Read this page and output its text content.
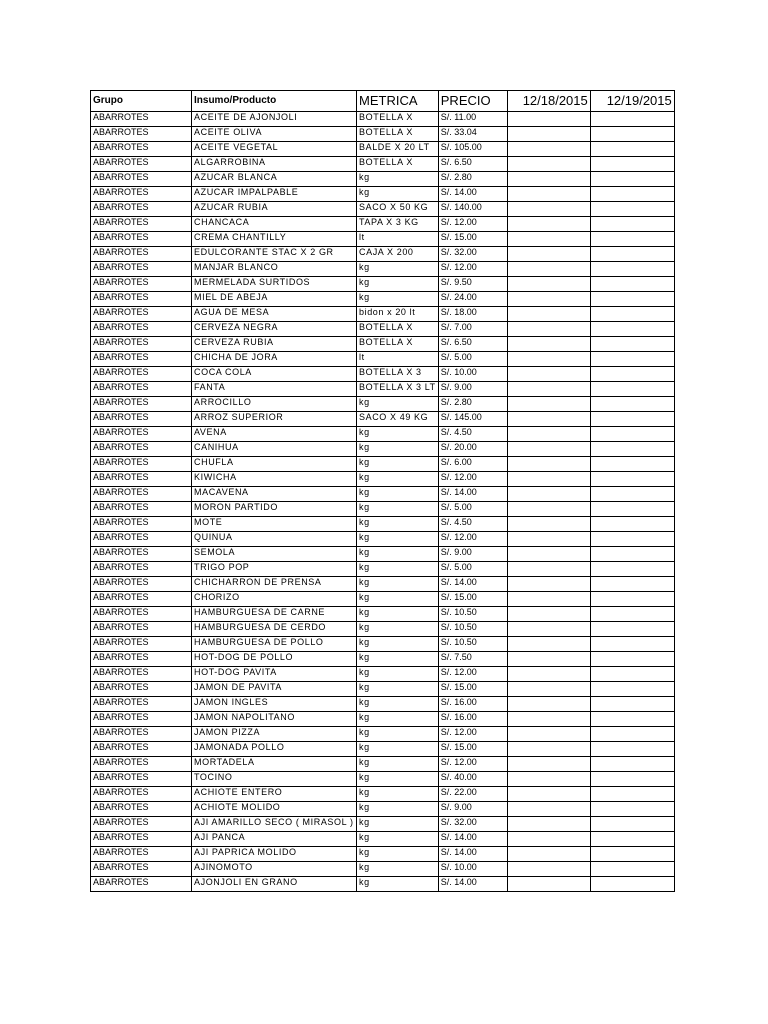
Grupo	Insumo/Producto	METRICA	PRECIO	12/18/2015	12/19/2015
ABARROTES	ACEITE DE AJONJOLI	BOTELLA X	S/. 11.00		
ABARROTES	ACEITE OLIVA	BOTELLA X	S/. 33.04		
ABARROTES	ACEITE VEGETAL	BALDE X 20 LT	S/. 105.00		
ABARROTES	ALGARROBINA	BOTELLA X	S/. 6.50		
ABARROTES	AZUCAR BLANCA	kg	S/. 2.80		
ABARROTES	AZUCAR IMPALPABLE	kg	S/. 14.00		
ABARROTES	AZUCAR RUBIA	SACO X 50 KG	S/. 140.00		
ABARROTES	CHANCACA	TAPA X 3 KG	S/. 12.00		
ABARROTES	CREMA CHANTILLY	lt	S/. 15.00		
ABARROTES	EDULCORANTE STAC X 2 GR	CAJA X 200	S/. 32.00		
ABARROTES	MANJAR BLANCO	kg	S/. 12.00		
ABARROTES	MERMELADA SURTIDOS	kg	S/. 9.50		
ABARROTES	MIEL DE ABEJA	kg	S/. 24.00		
ABARROTES	AGUA DE MESA	bidon x 20 lt	S/. 18.00		
ABARROTES	CERVEZA NEGRA	BOTELLA X	S/. 7.00		
ABARROTES	CERVEZA RUBIA	BOTELLA X	S/. 6.50		
ABARROTES	CHICHA DE JORA	lt	S/. 5.00		
ABARROTES	COCA COLA	BOTELLA X 3	S/. 10.00		
ABARROTES	FANTA	BOTELLA X 3 LT	S/. 9.00		
ABARROTES	ARROCILLO	kg	S/. 2.80		
ABARROTES	ARROZ SUPERIOR	SACO X 49 KG	S/. 145.00		
ABARROTES	AVENA	kg	S/. 4.50		
ABARROTES	CANIHUA	kg	S/. 20.00		
ABARROTES	CHUFLA	kg	S/. 6.00		
ABARROTES	KIWICHA	kg	S/. 12.00		
ABARROTES	MACAVENA	kg	S/. 14.00		
ABARROTES	MORON PARTIDO	kg	S/. 5.00		
ABARROTES	MOTE	kg	S/. 4.50		
ABARROTES	QUINUA	kg	S/. 12.00		
ABARROTES	SEMOLA	kg	S/. 9.00		
ABARROTES	TRIGO POP	kg	S/. 5.00		
ABARROTES	CHICHARRON DE PRENSA	kg	S/. 14.00		
ABARROTES	CHORIZO	kg	S/. 15.00		
ABARROTES	HAMBURGUESA DE CARNE	kg	S/. 10.50		
ABARROTES	HAMBURGUESA DE CERDO	kg	S/. 10.50		
ABARROTES	HAMBURGUESA DE POLLO	kg	S/. 10.50		
ABARROTES	HOT-DOG DE POLLO	kg	S/. 7.50		
ABARROTES	HOT-DOG PAVITA	kg	S/. 12.00		
ABARROTES	JAMON DE PAVITA	kg	S/. 15.00		
ABARROTES	JAMON INGLES	kg	S/. 16.00		
ABARROTES	JAMON NAPOLITANO	kg	S/. 16.00		
ABARROTES	JAMON PIZZA	kg	S/. 12.00		
ABARROTES	JAMONADA POLLO	kg	S/. 15.00		
ABARROTES	MORTADELA	kg	S/. 12.00		
ABARROTES	TOCINO	kg	S/. 40.00		
ABARROTES	ACHIOTE ENTERO	kg	S/. 22.00		
ABARROTES	ACHIOTE MOLIDO	kg	S/. 9.00		
ABARROTES	AJI AMARILLO SECO ( MIRASOL )	kg	S/. 32.00		
ABARROTES	AJI PANCA	kg	S/. 14.00		
ABARROTES	AJI PAPRICA MOLIDO	kg	S/. 14.00		
ABARROTES	AJINOMOTO	kg	S/. 10.00		
ABARROTES	AJONJOLI EN GRANO	kg	S/. 14.00		
